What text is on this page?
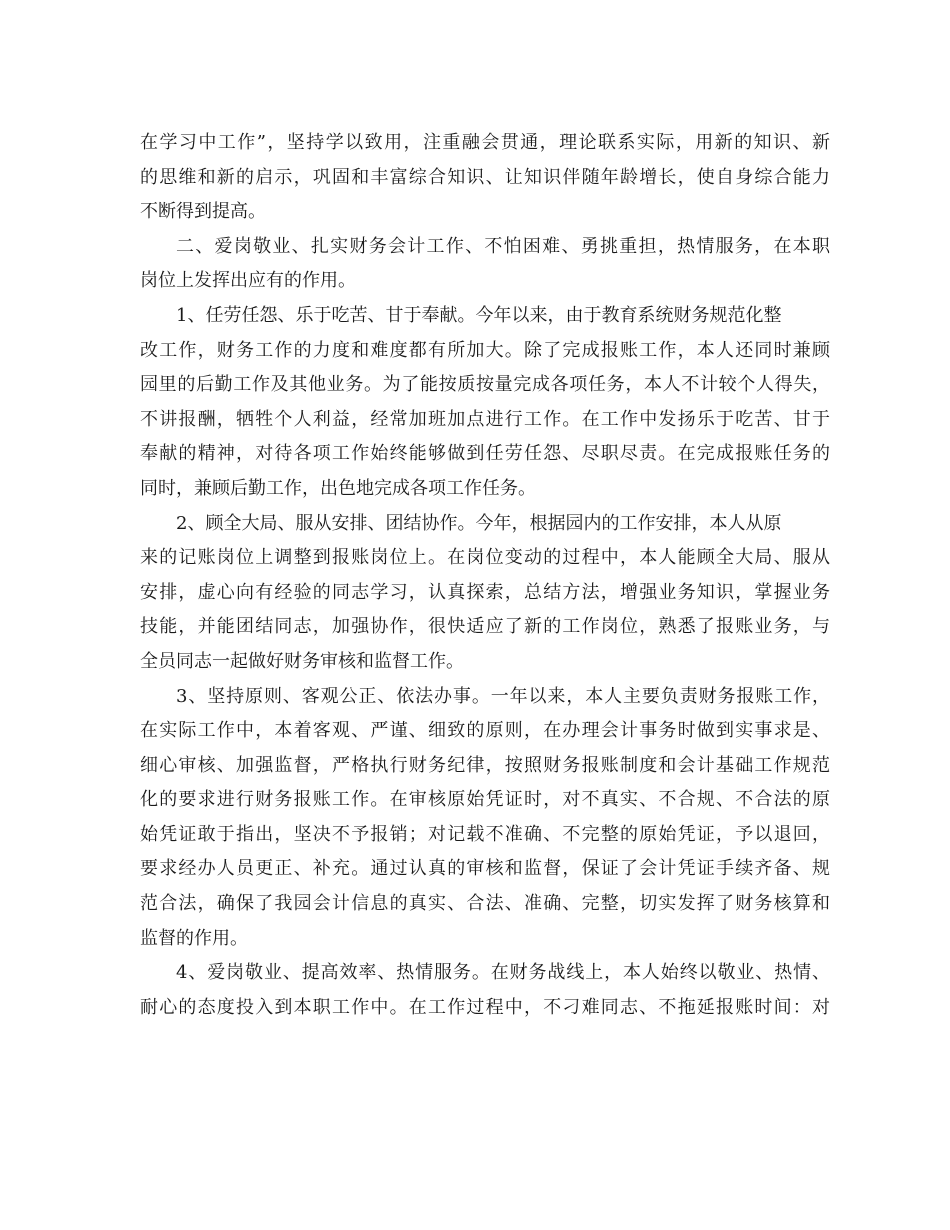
在学习中工作”，坚持学以致用，注重融会贯通，理论联系实际，用新的知识、新
的思维和新的启示，巩固和丰富综合知识、让知识伴随年龄增长，使自身综合能力
不断得到提高。
二、爱岗敬业、扎实财务会计工作、不怕困难、勇挑重担，热情服务，在本职
岗位上发挥出应有的作用。
1、任劳任怨、乐于吃苦、甘于奉献。今年以来，由于教育系统财务规范化整
改工作，财务工作的力度和难度都有所加大。除了完成报账工作，本人还同时兼顾
园里的后勤工作及其他业务。为了能按质按量完成各项任务，本人不计较个人得失，
不讲报酬，牺牲个人利益，经常加班加点进行工作。在工作中发扬乐于吃苦、甘于
奉献的精神，对待各项工作始终能够做到任劳任怨、尽职尽责。在完成报账任务的
同时，兼顾后勤工作，出色地完成各项工作任务。
2、顾全大局、服从安排、团结协作。今年，根据园内的工作安排，本人从原
来的记账岗位上调整到报账岗位上。在岗位变动的过程中，本人能顾全大局、服从
安排，虚心向有经验的同志学习，认真探索，总结方法，增强业务知识，掌握业务
技能，并能团结同志，加强协作，很快适应了新的工作岗位，熟悉了报账业务，与
全员同志一起做好财务审核和监督工作。
3、坚持原则、客观公正、依法办事。一年以来，本人主要负责财务报账工作，
在实际工作中，本着客观、严谨、细致的原则，在办理会计事务时做到实事求是、
细心审核、加强监督，严格执行财务纪律，按照财务报账制度和会计基础工作规范
化的要求进行财务报账工作。在审核原始凭证时，对不真实、不合规、不合法的原
始凭证敢于指出，坚决不予报销；对记载不准确、不完整的原始凭证，予以退回，
要求经办人员更正、补充。通过认真的审核和监督，保证了会计凭证手续齐备、规
范合法，确保了我园会计信息的真实、合法、准确、完整，切实发挥了财务核算和
监督的作用。
4、爱岗敬业、提高效率、热情服务。在财务战线上，本人始终以敬业、热情、
耐心的态度投入到本职工作中。在工作过程中，不刁难同志、不拖延报账时间：对
